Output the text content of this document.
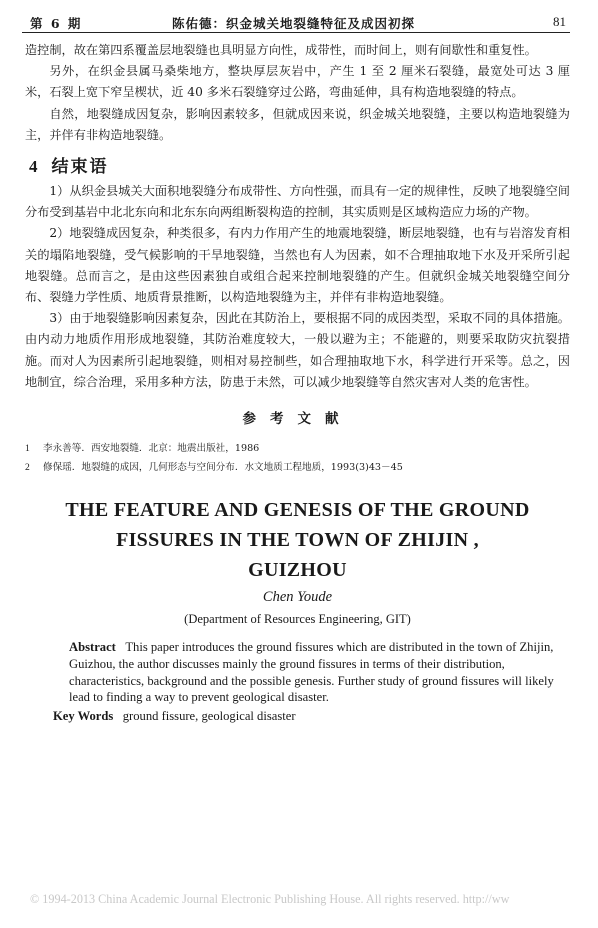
第 6 期	陈佑德：织金城关地裂缝特征及成因初探	81

造控制，故在第四系覆盖层地裂缝也具明显方向性，成带性，而时间上，则有间歇性和重复性。

另外，在织金县属马桑柴地方，整块厚层灰岩中，产生 1 至 2 厘米石裂缝，最宽处可达 3 厘米，石裂上宽下窄呈楔状，近 40 多米石裂缝穿过公路，弯曲延伸，具有构造地裂缝的特点。

自然，地裂缝成因复杂，影响因素较多，但就成因来说，织金城关地裂缝，主要以构造地裂缝为主，并伴有非构造地裂缝。

4 结束语

1）从织金县城关大面积地裂缝分布成带性、方向性强，而具有一定的规律性，反映了地裂缝空间分布受到基岩中北北东向和北东东向两组断裂构造的控制，其实质则是区域构造应力场的产物。

2）地裂缝成因复杂，种类很多，有内力作用产生的地震地裂缝，断层地裂缝，也有与岩溶发育相关的塌陷地裂缝，受气候影响的干旱地裂缝，当然也有人为因素，如不合理抽取地下水及开采所引起地裂缝。总而言之，是由这些因素独自或组合起来控制地裂缝的产生。但就织金城关地裂缝空间分布、裂缝力学性质、地质背景推断，以构造地裂缝为主，并伴有非构造地裂缝。

3）由于地裂缝影响因素复杂，因此在其防治上，要根据不同的成因类型，采取不同的具体措施。由内动力地质作用形成地裂缝，其防治难度较大，一般以避为主；不能避的，则要采取防灾抗裂措施。而对人为因素所引起地裂缝，则相对易控制些，如合理抽取地下水，科学进行开采等。总之，因地制宜，综合治理，采用多种方法，防患于未然，可以减少地裂缝等自然灾害对人类的危害性。

参考文献
1	李永善等．西安地裂缝．北京：地震出版社，1986
2	修保瑶．地裂缝的成因，几何形态与空间分布．水文地质工程地质，1993(3)43－45
THE FEATURE AND GENESIS OF THE GROUND
FISSURES IN THE TOWN OF ZHIJIN ,
GUIZHOU
Chen Youde
(Department of Resources Engineering, GIT)

Abstract This paper introduces the ground fissures which are distributed in the town of Zhijin, Guizhou, the author discusses mainly the ground fissures in terms of their distribution, characteristics, background and the possible genesis. Further study of ground fissures will likely lead to finding a way to prevent geological disaster.

Key Words ground fissure, geological disaster

© 1994-2013 China Academic Journal Electronic Publishing House. All rights reserved. http://ww
